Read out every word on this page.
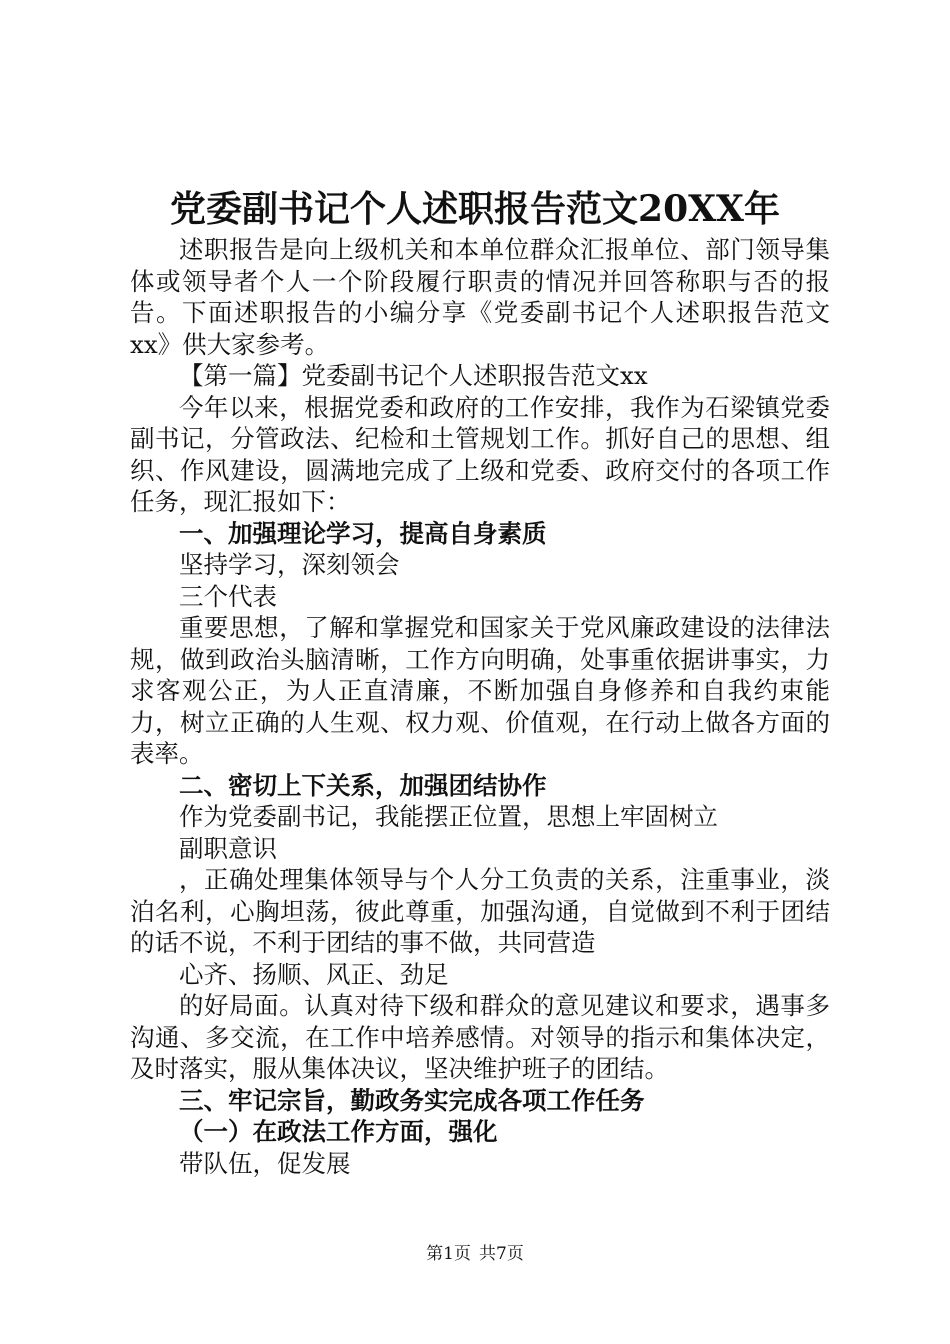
党委副书记个人述职报告范文20XX年

述职报告是向上级机关和本单位群众汇报单位、部门领导集体或领导者个人一个阶段履行职责的情况并回答称职与否的报告。下面述职报告的小编分享《党委副书记个人述职报告范文xx》供大家参考。

【第一篇】党委副书记个人述职报告范文xx

今年以来，根据党委和政府的工作安排，我作为石梁镇党委副书记，分管政法、纪检和土管规划工作。抓好自己的思想、组织、作风建设，圆满地完成了上级和党委、政府交付的各项工作任务，现汇报如下：

一、加强理论学习，提高自身素质

坚持学习，深刻领会

三个代表

重要思想，了解和掌握党和国家关于党风廉政建设的法律法规，做到政治头脑清晰，工作方向明确，处事重依据讲事实，力求客观公正，为人正直清廉，不断加强自身修养和自我约束能力，树立正确的人生观、权力观、价值观，在行动上做各方面的表率。

二、密切上下关系，加强团结协作

作为党委副书记，我能摆正位置，思想上牢固树立

副职意识

，正确处理集体领导与个人分工负责的关系，注重事业，淡泊名利，心胸坦荡，彼此尊重，加强沟通，自觉做到不利于团结的话不说，不利于团结的事不做，共同营造

心齐、扬顺、风正、劲足

的好局面。认真对待下级和群众的意见建议和要求，遇事多沟通、多交流，在工作中培养感情。对领导的指示和集体决定，及时落实，服从集体决议，坚决维护班子的团结。

三、牢记宗旨，勤政务实完成各项工作任务

（一）在政法工作方面，强化

带队伍，促发展

第1页 共7页
